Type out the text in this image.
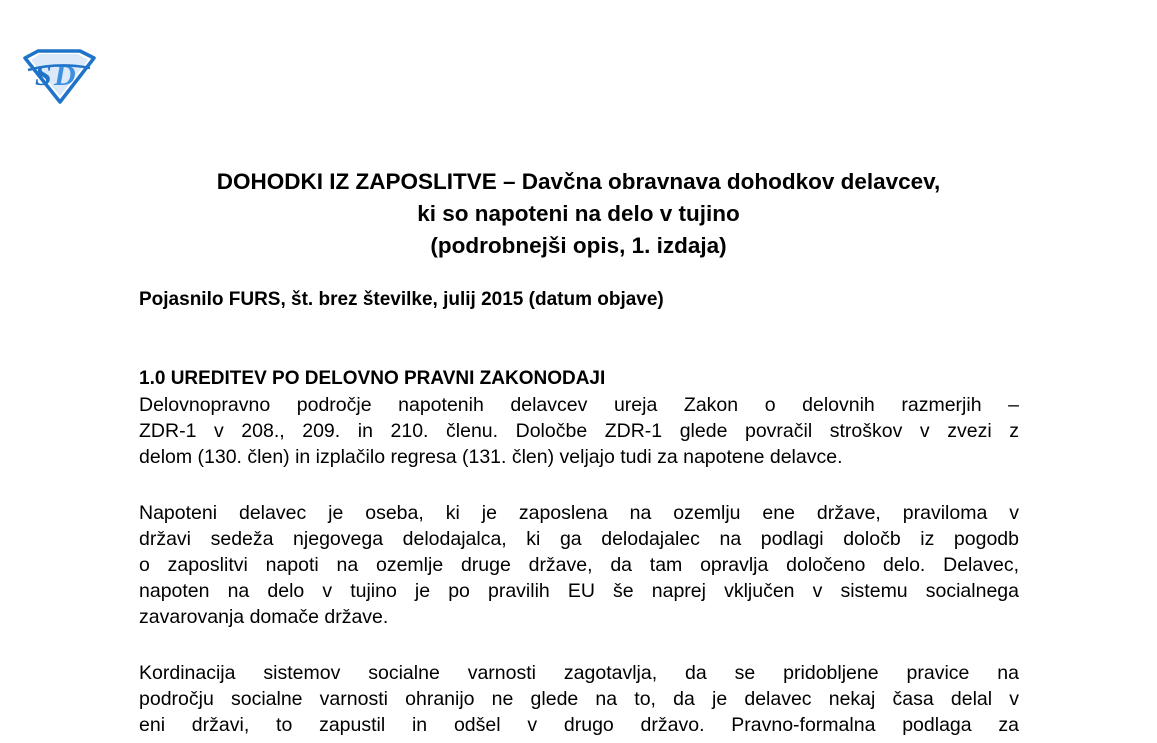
S D
DOHODKI IZ ZAPOSLITVE – Davčna obravnava dohodkov delavcev,
ki so napoteni na delo v tujino
(podrobnejši opis, 1. izdaja)
Pojasnilo FURS, št. brez številke, julij 2015 (datum objave)
1.0 UREDITEV PO DELOVNO PRAVNI ZAKONODAJI
Delovnopravno področje napotenih delavcev ureja Zakon o delovnih razmerjih –
ZDR-1 v 208., 209. in 210. členu. Določbe ZDR-1 glede povračil stroškov v zvezi z
delom (130. člen) in izplačilo regresa (131. člen) veljajo tudi za napotene delavce.
Napoteni delavec je oseba, ki je zaposlena na ozemlju ene države, praviloma v
državi sedeža njegovega delodajalca, ki ga delodajalec na podlagi določb iz pogodb
o zaposlitvi napoti na ozemlje druge države, da tam opravlja določeno delo. Delavec,
napoten na delo v tujino je po pravilih EU še naprej vključen v sistemu socialnega
zavarovanja domače države.
Kordinacija sistemov socialne varnosti zagotavlja, da se pridobljene pravice na
področju socialne varnosti ohranijo ne glede na to, da je delavec nekaj časa delal v
eni državi, to zapustil in odšel v drugo državo. Pravno-formalna podlaga za
